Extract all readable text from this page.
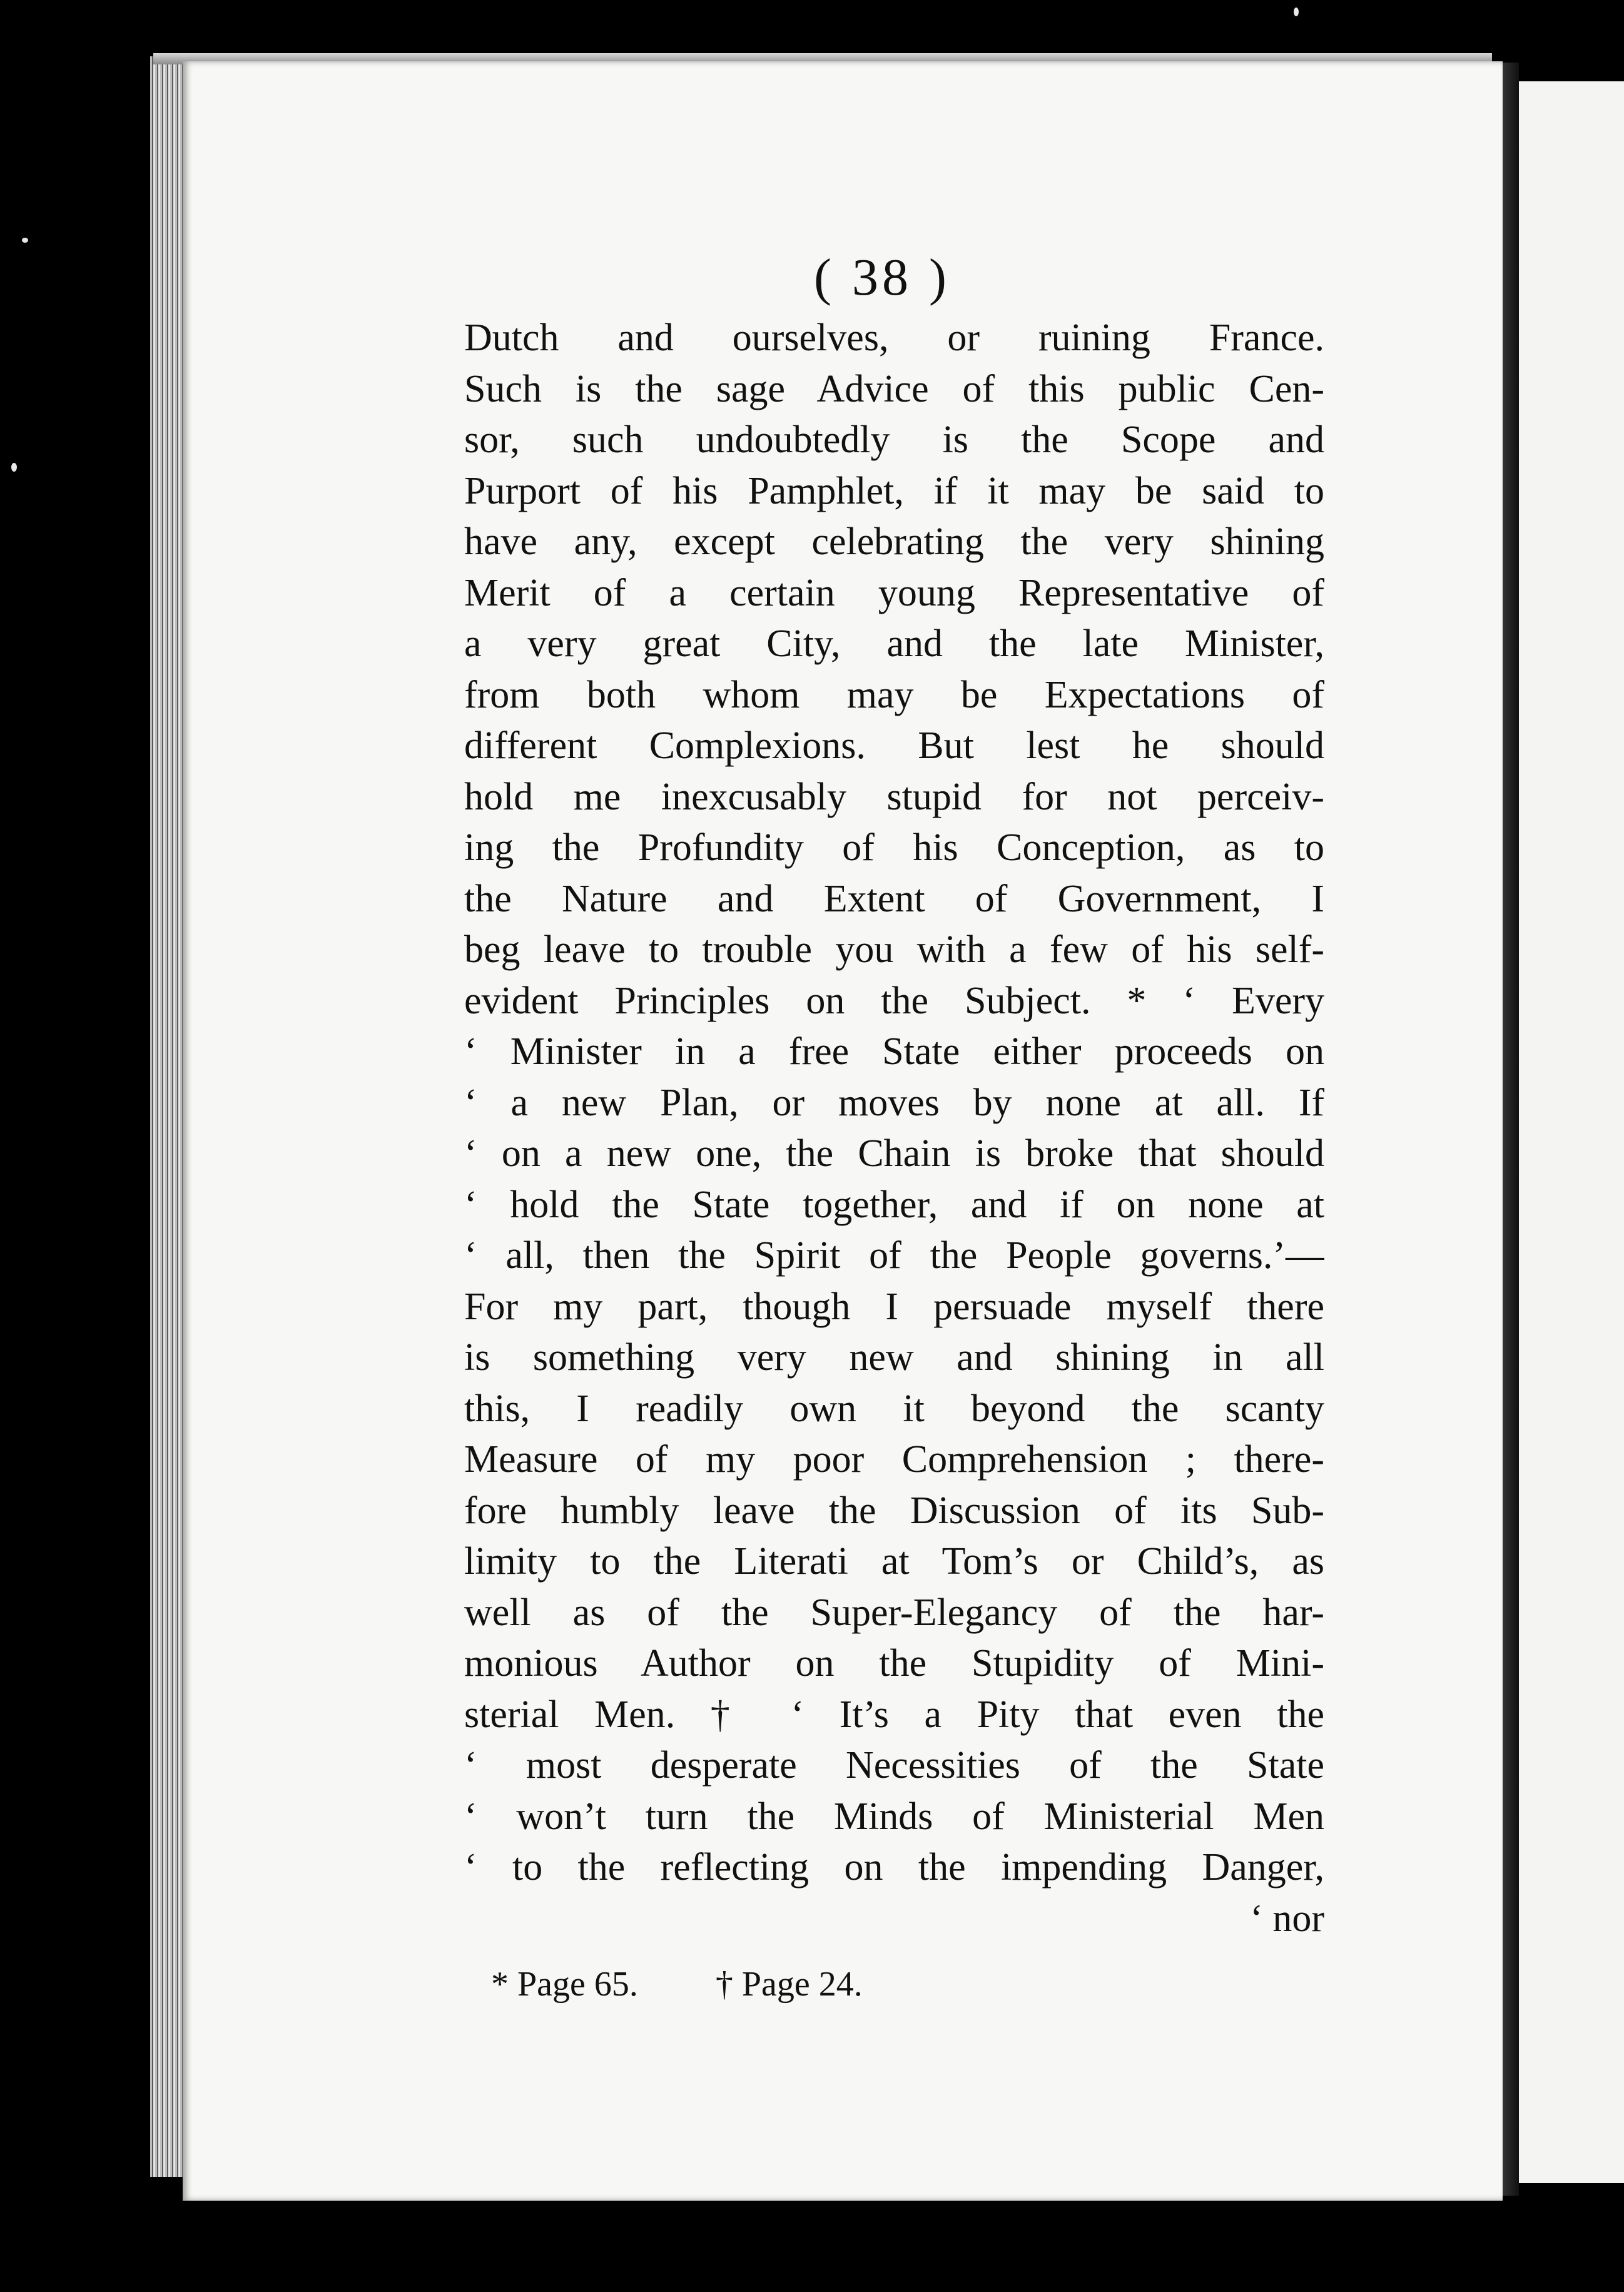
( 38 )
Dutch and ourselves, or ruining France.
Such is the sage Advice of this public Cen-
sor, such undoubtedly is the Scope and
Purport of his Pamphlet, if it may be said to
have any, except celebrating the very shining
Merit of a certain young Representative of
a very great City, and the late Minister,
from both whom may be Expectations of
different Complexions. But lest he should
hold me inexcusably stupid for not perceiv-
ing the Profundity of his Conception, as to
the Nature and Extent of Government, I
beg leave to trouble you with a few of his self-
evident Principles on the Subject. * ‘ Every
‘ Minister in a free State either proceeds on
‘ a new Plan, or moves by none at all. If
‘ on a new one, the Chain is broke that should
‘ hold the State together, and if on none at
‘ all, then the Spirit of the People governs.’—
For my part, though I persuade myself there
is something very new and shining in all
this, I readily own it beyond the scanty
Measure of my poor Comprehension ; there-
fore humbly leave the Discussion of its Sub-
limity to the Literati at Tom’s or Child’s, as
well as of the Super-Elegancy of the har-
monious Author on the Stupidity of Mini-
sterial Men. † ‘ It’s a Pity that even the
‘ most desperate Necessities of the State
‘ won’t turn the Minds of Ministerial Men
‘ to the reflecting on the impending Danger,
‘ nor
* Page 65. † Page 24.
